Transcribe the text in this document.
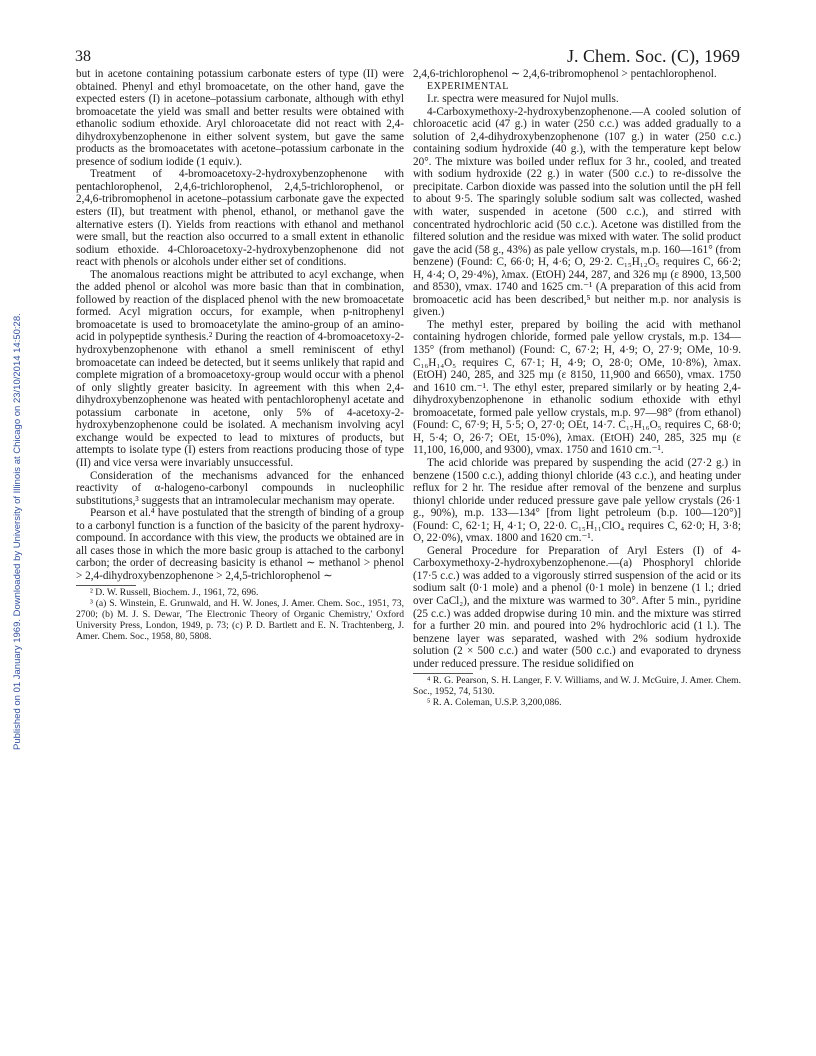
38	J. Chem. Soc. (C), 1969
Published on 01 January 1969. Downloaded by University of Illinois at Chicago on 23/10/2014 14:50:28.

but in acetone containing potassium carbonate esters of type (II) were obtained. Phenyl and ethyl bromoacetate, on the other hand, gave the expected esters (I) in acetone–potassium carbonate, although with ethyl bromoacetate the yield was small and better results were obtained with ethanolic sodium ethoxide. Aryl chloroacetate did not react with 2,4-dihydroxybenzophenone in either solvent system, but gave the same products as the bromoacetates with acetone–potassium carbonate in the presence of sodium iodide (1 equiv.).

Treatment of 4-bromoacetoxy-2-hydroxybenzophenone with pentachlorophenol, 2,4,6-trichlorophenol, 2,4,5-trichlorophenol, or 2,4,6-tribromophenol in acetone–potassium carbonate gave the expected esters (II), but treatment with phenol, ethanol, or methanol gave the alternative esters (I). Yields from reactions with ethanol and methanol were small, but the reaction also occurred to a small extent in ethanolic sodium ethoxide. 4-Chloroacetoxy-2-hydroxybenzophenone did not react with phenols or alcohols under either set of conditions.

The anomalous reactions might be attributed to acyl exchange, when the added phenol or alcohol was more basic than that in combination, followed by reaction of the displaced phenol with the new bromoacetate formed. Acyl migration occurs, for example, when p-nitrophenyl bromoacetate is used to bromoacetylate the amino-group of an amino-acid in polypeptide synthesis.² During the reaction of 4-bromoacetoxy-2-hydroxybenzophenone with ethanol a smell reminiscent of ethyl bromoacetate can indeed be detected, but it seems unlikely that rapid and complete migration of a bromoacetoxy-group would occur with a phenol of only slightly greater basicity. In agreement with this when 2,4-dihydroxybenzophenone was heated with pentachlorophenyl acetate and potassium carbonate in acetone, only 5% of 4-acetoxy-2-hydroxybenzophenone could be isolated. A mechanism involving acyl exchange would be expected to lead to mixtures of products, but attempts to isolate type (I) esters from reactions producing those of type (II) and vice versa were invariably unsuccessful.

Consideration of the mechanisms advanced for the enhanced reactivity of α-halogeno-carbonyl compounds in nucleophilic substitutions,³ suggests that an intramolecular mechanism may operate.

Pearson et al.⁴ have postulated that the strength of binding of a group to a carbonyl function is a function of the basicity of the parent hydroxy-compound. In accordance with this view, the products we obtained are in all cases those in which the more basic group is attached to the carbonyl carbon; the order of decreasing basicity is ethanol ∼ methanol > phenol > 2,4-dihydroxybenzophenone > 2,4,5-trichlorophenol ∼

² D. W. Russell, Biochem. J., 1961, 72, 696.

³ (a) S. Winstein, E. Grunwald, and H. W. Jones, J. Amer. Chem. Soc., 1951, 73, 2700; (b) M. J. S. Dewar, 'The Electronic Theory of Organic Chemistry,' Oxford University Press, London, 1949, p. 73; (c) P. D. Bartlett and E. N. Trachtenberg, J. Amer. Chem. Soc., 1958, 80, 5808.

2,4,6-trichlorophenol ∼ 2,4,6-tribromophenol > pentachlorophenol.

EXPERIMENTAL

I.r. spectra were measured for Nujol mulls.

4-Carboxymethoxy-2-hydroxybenzophenone.—A cooled solution of chloroacetic acid (47 g.) in water (250 c.c.) was added gradually to a solution of 2,4-dihydroxybenzophenone (107 g.) in water (250 c.c.) containing sodium hydroxide (40 g.), with the temperature kept below 20°. The mixture was boiled under reflux for 3 hr., cooled, and treated with sodium hydroxide (22 g.) in water (500 c.c.) to re-dissolve the precipitate. Carbon dioxide was passed into the solution until the pH fell to about 9·5. The sparingly soluble sodium salt was collected, washed with water, suspended in acetone (500 c.c.), and stirred with concentrated hydrochloric acid (50 c.c.). Acetone was distilled from the filtered solution and the residue was mixed with water. The solid product gave the acid (58 g., 43%) as pale yellow crystals, m.p. 160—161° (from benzene) (Found: C, 66·0; H, 4·6; O, 29·2. C₁₅H₁₂O₅ requires C, 66·2; H, 4·4; O, 29·4%), λmax. (EtOH) 244, 287, and 326 mμ (ε 8900, 13,500 and 8530), νmax. 1740 and 1625 cm.⁻¹ (A preparation of this acid from bromoacetic acid has been described,⁵ but neither m.p. nor analysis is given.)

The methyl ester, prepared by boiling the acid with methanol containing hydrogen chloride, formed pale yellow crystals, m.p. 134—135° (from methanol) (Found: C, 67·2; H, 4·9; O, 27·9; OMe, 10·9. C₁₆H₁₄O₅ requires C, 67·1; H, 4·9; O, 28·0; OMe, 10·8%), λmax. (EtOH) 240, 285, and 325 mμ (ε 8150, 11,900 and 6650), νmax. 1750 and 1610 cm.⁻¹. The ethyl ester, prepared similarly or by heating 2,4-dihydroxybenzophenone in ethanolic sodium ethoxide with ethyl bromoacetate, formed pale yellow crystals, m.p. 97—98° (from ethanol) (Found: C, 67·9; H, 5·5; O, 27·0; OEt, 14·7. C₁₇H₁₆O₅ requires C, 68·0; H, 5·4; O, 26·7; OEt, 15·0%), λmax. (EtOH) 240, 285, 325 mμ (ε 11,100, 16,000, and 9300), νmax. 1750 and 1610 cm.⁻¹.

The acid chloride was prepared by suspending the acid (27·2 g.) in benzene (1500 c.c.), adding thionyl chloride (43 c.c.), and heating under reflux for 2 hr. The residue after removal of the benzene and surplus thionyl chloride under reduced pressure gave pale yellow crystals (26·1 g., 90%), m.p. 133—134° [from light petroleum (b.p. 100—120°)] (Found: C, 62·1; H, 4·1; O, 22·0. C₁₅H₁₁ClO₄ requires C, 62·0; H, 3·8; O, 22·0%), νmax. 1800 and 1620 cm.⁻¹.

General Procedure for Preparation of Aryl Esters (I) of 4-Carboxymethoxy-2-hydroxybenzophenone.—(a) Phosphoryl chloride (17·5 c.c.) was added to a vigorously stirred suspension of the acid or its sodium salt (0·1 mole) and a phenol (0·1 mole) in benzene (1 l.; dried over CaCl₂), and the mixture was warmed to 30°. After 5 min., pyridine (25 c.c.) was added dropwise during 10 min. and the mixture was stirred for a further 20 min. and poured into 2% hydrochloric acid (1 l.). The benzene layer was separated, washed with 2% sodium hydroxide solution (2 × 500 c.c.) and water (500 c.c.) and evaporated to dryness under reduced pressure. The residue solidified on

⁴ R. G. Pearson, S. H. Langer, F. V. Williams, and W. J. McGuire, J. Amer. Chem. Soc., 1952, 74, 5130.

⁵ R. A. Coleman, U.S.P. 3,200,086.
